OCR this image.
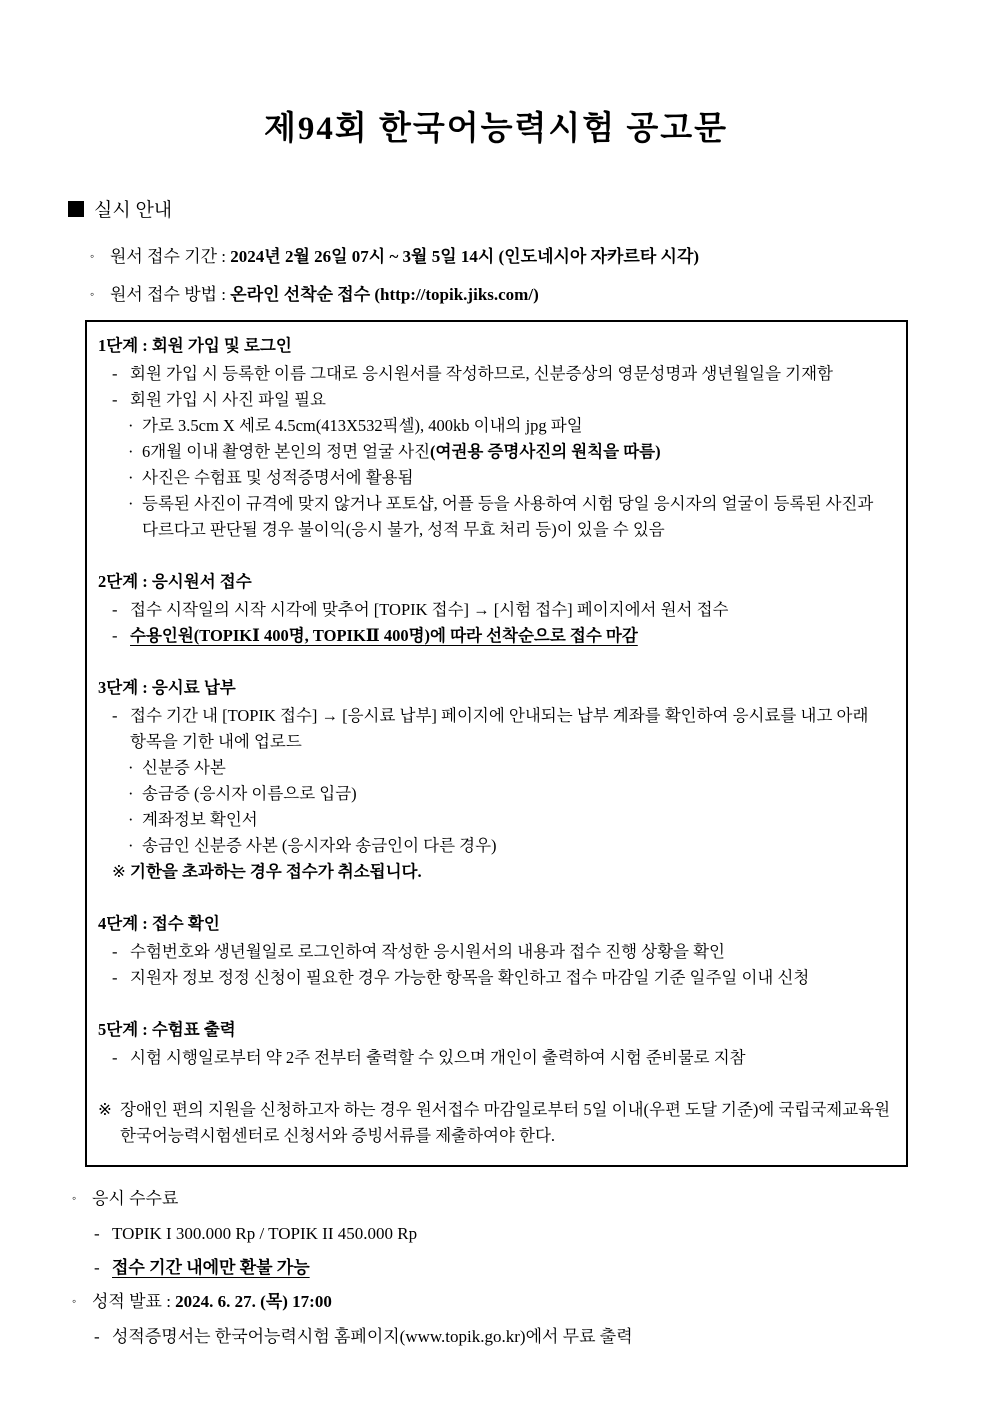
제94회 한국어능력시험 공고문
실시 안내
◦ 원서 접수 기간 : 2024년 2월 26일 07시 ~ 3월 5일 14시 (인도네시아 자카르타 시각)
◦ 원서 접수 방법 : 온라인 선착순 접수 (http://topik.jiks.com/)
1단계 : 회원 가입 및 로그인
- 회원 가입 시 등록한 이름 그대로 응시원서를 작성하므로, 신분증상의 영문성명과 생년월일을 기재함
- 회원 가입 시 사진 파일 필요
· 가로 3.5cm X 세로 4.5cm(413X532픽셀), 400kb 이내의 jpg 파일
· 6개월 이내 촬영한 본인의 정면 얼굴 사진(여권용 증명사진의 원칙을 따름)
· 사진은 수험표 및 성적증명서에 활용됨
· 등록된 사진이 규격에 맞지 않거나 포토샵, 어플 등을 사용하여 시험 당일 응시자의 얼굴이 등록된 사진과 다르다고 판단될 경우 불이익(응시 불가, 성적 무효 처리 등)이 있을 수 있음
2단계 : 응시원서 접수
- 접수 시작일의 시작 시각에 맞추어 [TOPIK 접수] → [시험 접수] 페이지에서 원서 접수
- 수용인원(TOPIKⅠ 400명, TOPIKⅡ 400명)에 따라 선착순으로 접수 마감
3단계 : 응시료 납부
- 접수 기간 내 [TOPIK 접수] → [응시료 납부] 페이지에 안내되는 납부 계좌를 확인하여 응시료를 내고 아래 항목을 기한 내에 업로드
· 신분증 사본
· 송금증 (응시자 이름으로 입금)
· 계좌정보 확인서
· 송금인 신분증 사본 (응시자와 송금인이 다른 경우)
※ 기한을 초과하는 경우 접수가 취소됩니다.
4단계 : 접수 확인
- 수험번호와 생년월일로 로그인하여 작성한 응시원서의 내용과 접수 진행 상황을 확인
- 지원자 정보 정정 신청이 필요한 경우 가능한 항목을 확인하고 접수 마감일 기준 일주일 이내 신청
5단계 : 수험표 출력
- 시험 시행일로부터 약 2주 전부터 출력할 수 있으며 개인이 출력하여 시험 준비물로 지참
※ 장애인 편의 지원을 신청하고자 하는 경우 원서접수 마감일로부터 5일 이내(우편 도달 기준)에 국립국제교육원 한국어능력시험센터로 신청서와 증빙서류를 제출하여야 한다.
◦ 응시 수수료
- TOPIK I 300.000 Rp / TOPIK II 450.000 Rp
- 접수 기간 내에만 환불 가능
◦ 성적 발표 : 2024. 6. 27. (목) 17:00
- 성적증명서는 한국어능력시험 홈페이지(www.topik.go.kr)에서 무료 출력
